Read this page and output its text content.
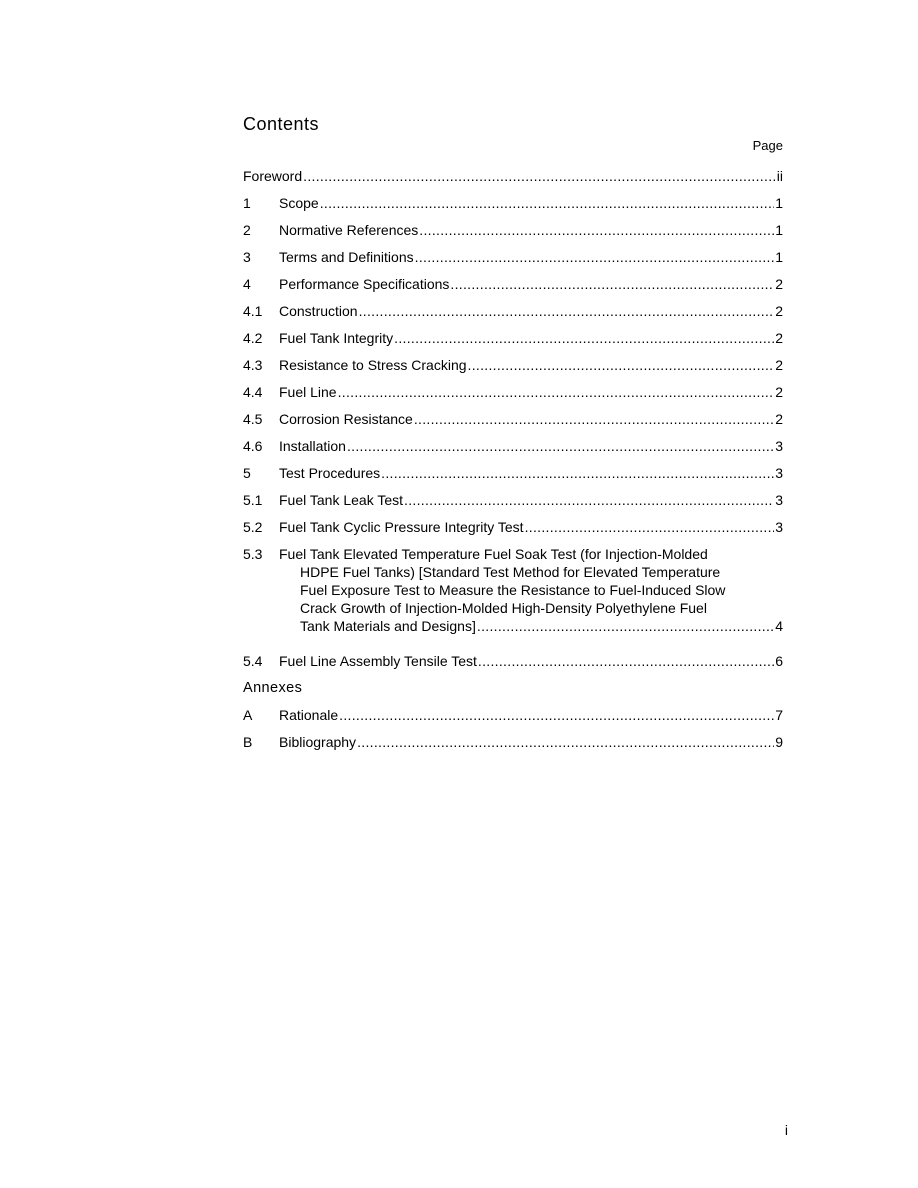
Contents
Page
Foreword .....	ii
1 Scope .....	1
2 Normative References .....	1
3 Terms and Definitions .....	1
4 Performance Specifications .....	2
4.1 Construction .....	2
4.2 Fuel Tank Integrity .....	2
4.3 Resistance to Stress Cracking .....	2
4.4 Fuel Line .....	2
4.5 Corrosion Resistance .....	2
4.6 Installation .....	3
5 Test Procedures .....	3
5.1 Fuel Tank Leak Test .....	3
5.2 Fuel Tank Cyclic Pressure Integrity Test .....	3
5.3 Fuel Tank Elevated Temperature Fuel Soak Test (for Injection-Molded
HDPE Fuel Tanks) [Standard Test Method for Elevated Temperature
Fuel Exposure Test to Measure the Resistance to Fuel-Induced Slow
Crack Growth of Injection-Molded High-Density Polyethylene Fuel
Tank Materials and Designs] .....	4
5.4 Fuel Line Assembly Tensile Test .....	6
Annexes
A Rationale .....	7
B Bibliography .....	9
i
